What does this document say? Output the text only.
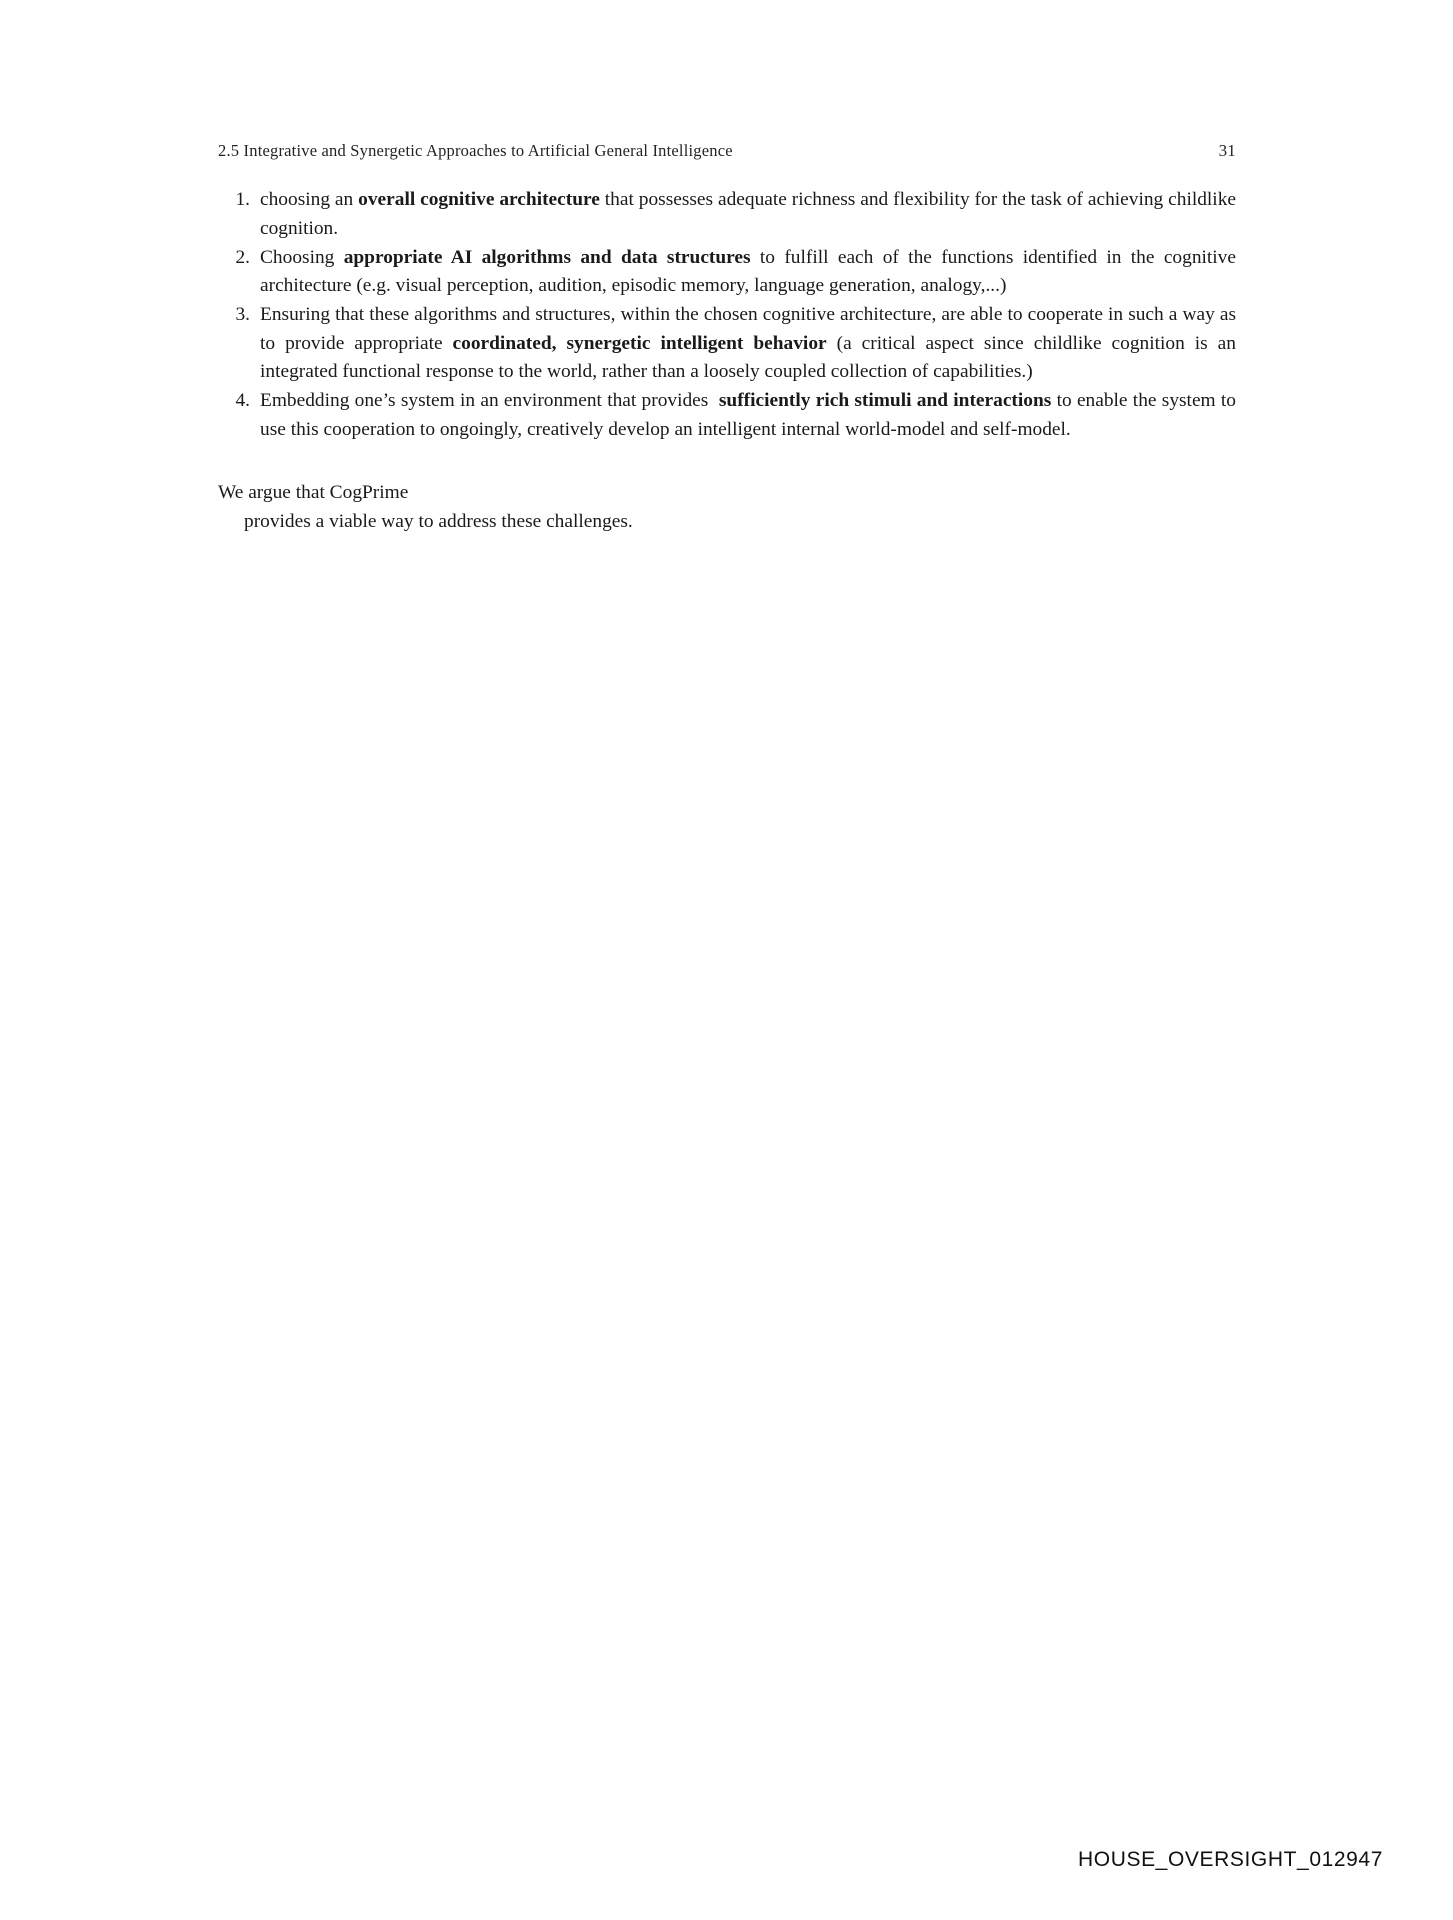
2.5 Integrative and Synergetic Approaches to Artificial General Intelligence	31
1. choosing an overall cognitive architecture that possesses adequate richness and flexibility for the task of achieving childlike cognition.
2. Choosing appropriate AI algorithms and data structures to fulfill each of the functions identified in the cognitive architecture (e.g. visual perception, audition, episodic memory, language generation, analogy,...)
3. Ensuring that these algorithms and structures, within the chosen cognitive architecture, are able to cooperate in such a way as to provide appropriate coordinated, synergetic intelligent behavior (a critical aspect since childlike cognition is an integrated functional response to the world, rather than a loosely coupled collection of capabilities.)
4. Embedding one’s system in an environment that provides  sufficiently rich stimuli and interactions to enable the system to use this cooperation to ongoingly, creatively develop an intelligent internal world-model and self-model.
We argue that CogPrime
provides a viable way to address these challenges.
HOUSE_OVERSIGHT_012947
